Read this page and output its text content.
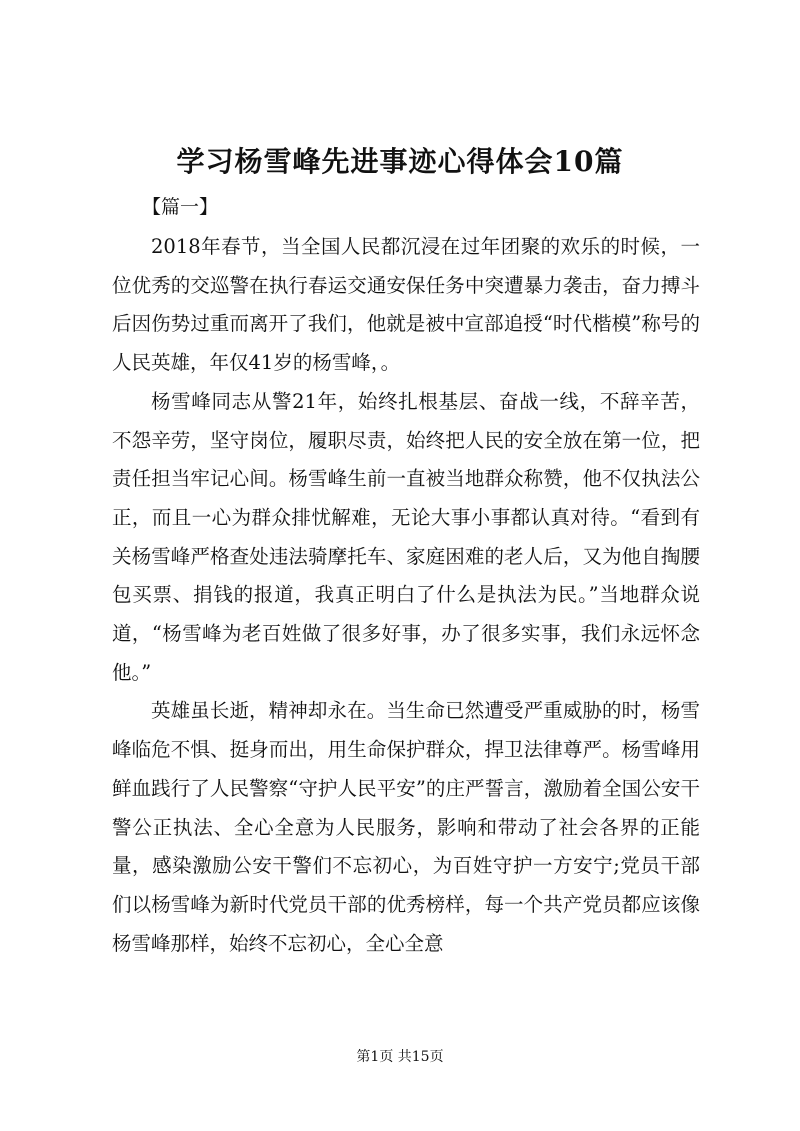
学习杨雪峰先进事迹心得体会10篇
【篇一】

2018年春节，当全国人民都沉浸在过年团聚的欢乐的时候，一位优秀的交巡警在执行春运交通安保任务中突遭暴力袭击，奋力搏斗后因伤势过重而离开了我们，他就是被中宣部追授“时代楷模”称号的人民英雄，年仅41岁的杨雪峰，。

杨雪峰同志从警21年，始终扎根基层、奋战一线，不辞辛苦，不怨辛劳，坚守岗位，履职尽责，始终把人民的安全放在第一位，把责任担当牢记心间。杨雪峰生前一直被当地群众称赞，他不仅执法公正，而且一心为群众排忧解难，无论大事小事都认真对待。“看到有关杨雪峰严格查处违法骑摩托车、家庭困难的老人后，又为他自掏腰包买票、捐钱的报道，我真正明白了什么是执法为民。”当地群众说道，“杨雪峰为老百姓做了很多好事，办了很多实事，我们永远怀念他。”

英雄虽长逝，精神却永在。当生命已然遭受严重威胁的时，杨雪峰临危不惧、挺身而出，用生命保护群众，捍卫法律尊严。杨雪峰用鲜血践行了人民警察“守护人民平安”的庄严誓言，激励着全国公安干警公正执法、全心全意为人民服务，影响和带动了社会各界的正能量，感染激励公安干警们不忘初心，为百姓守护一方安宁;党员干部们以杨雪峰为新时代党员干部的优秀榜样，每一个共产党员都应该像杨雪峰那样，始终不忘初心，全心全意

第1页 共15页
